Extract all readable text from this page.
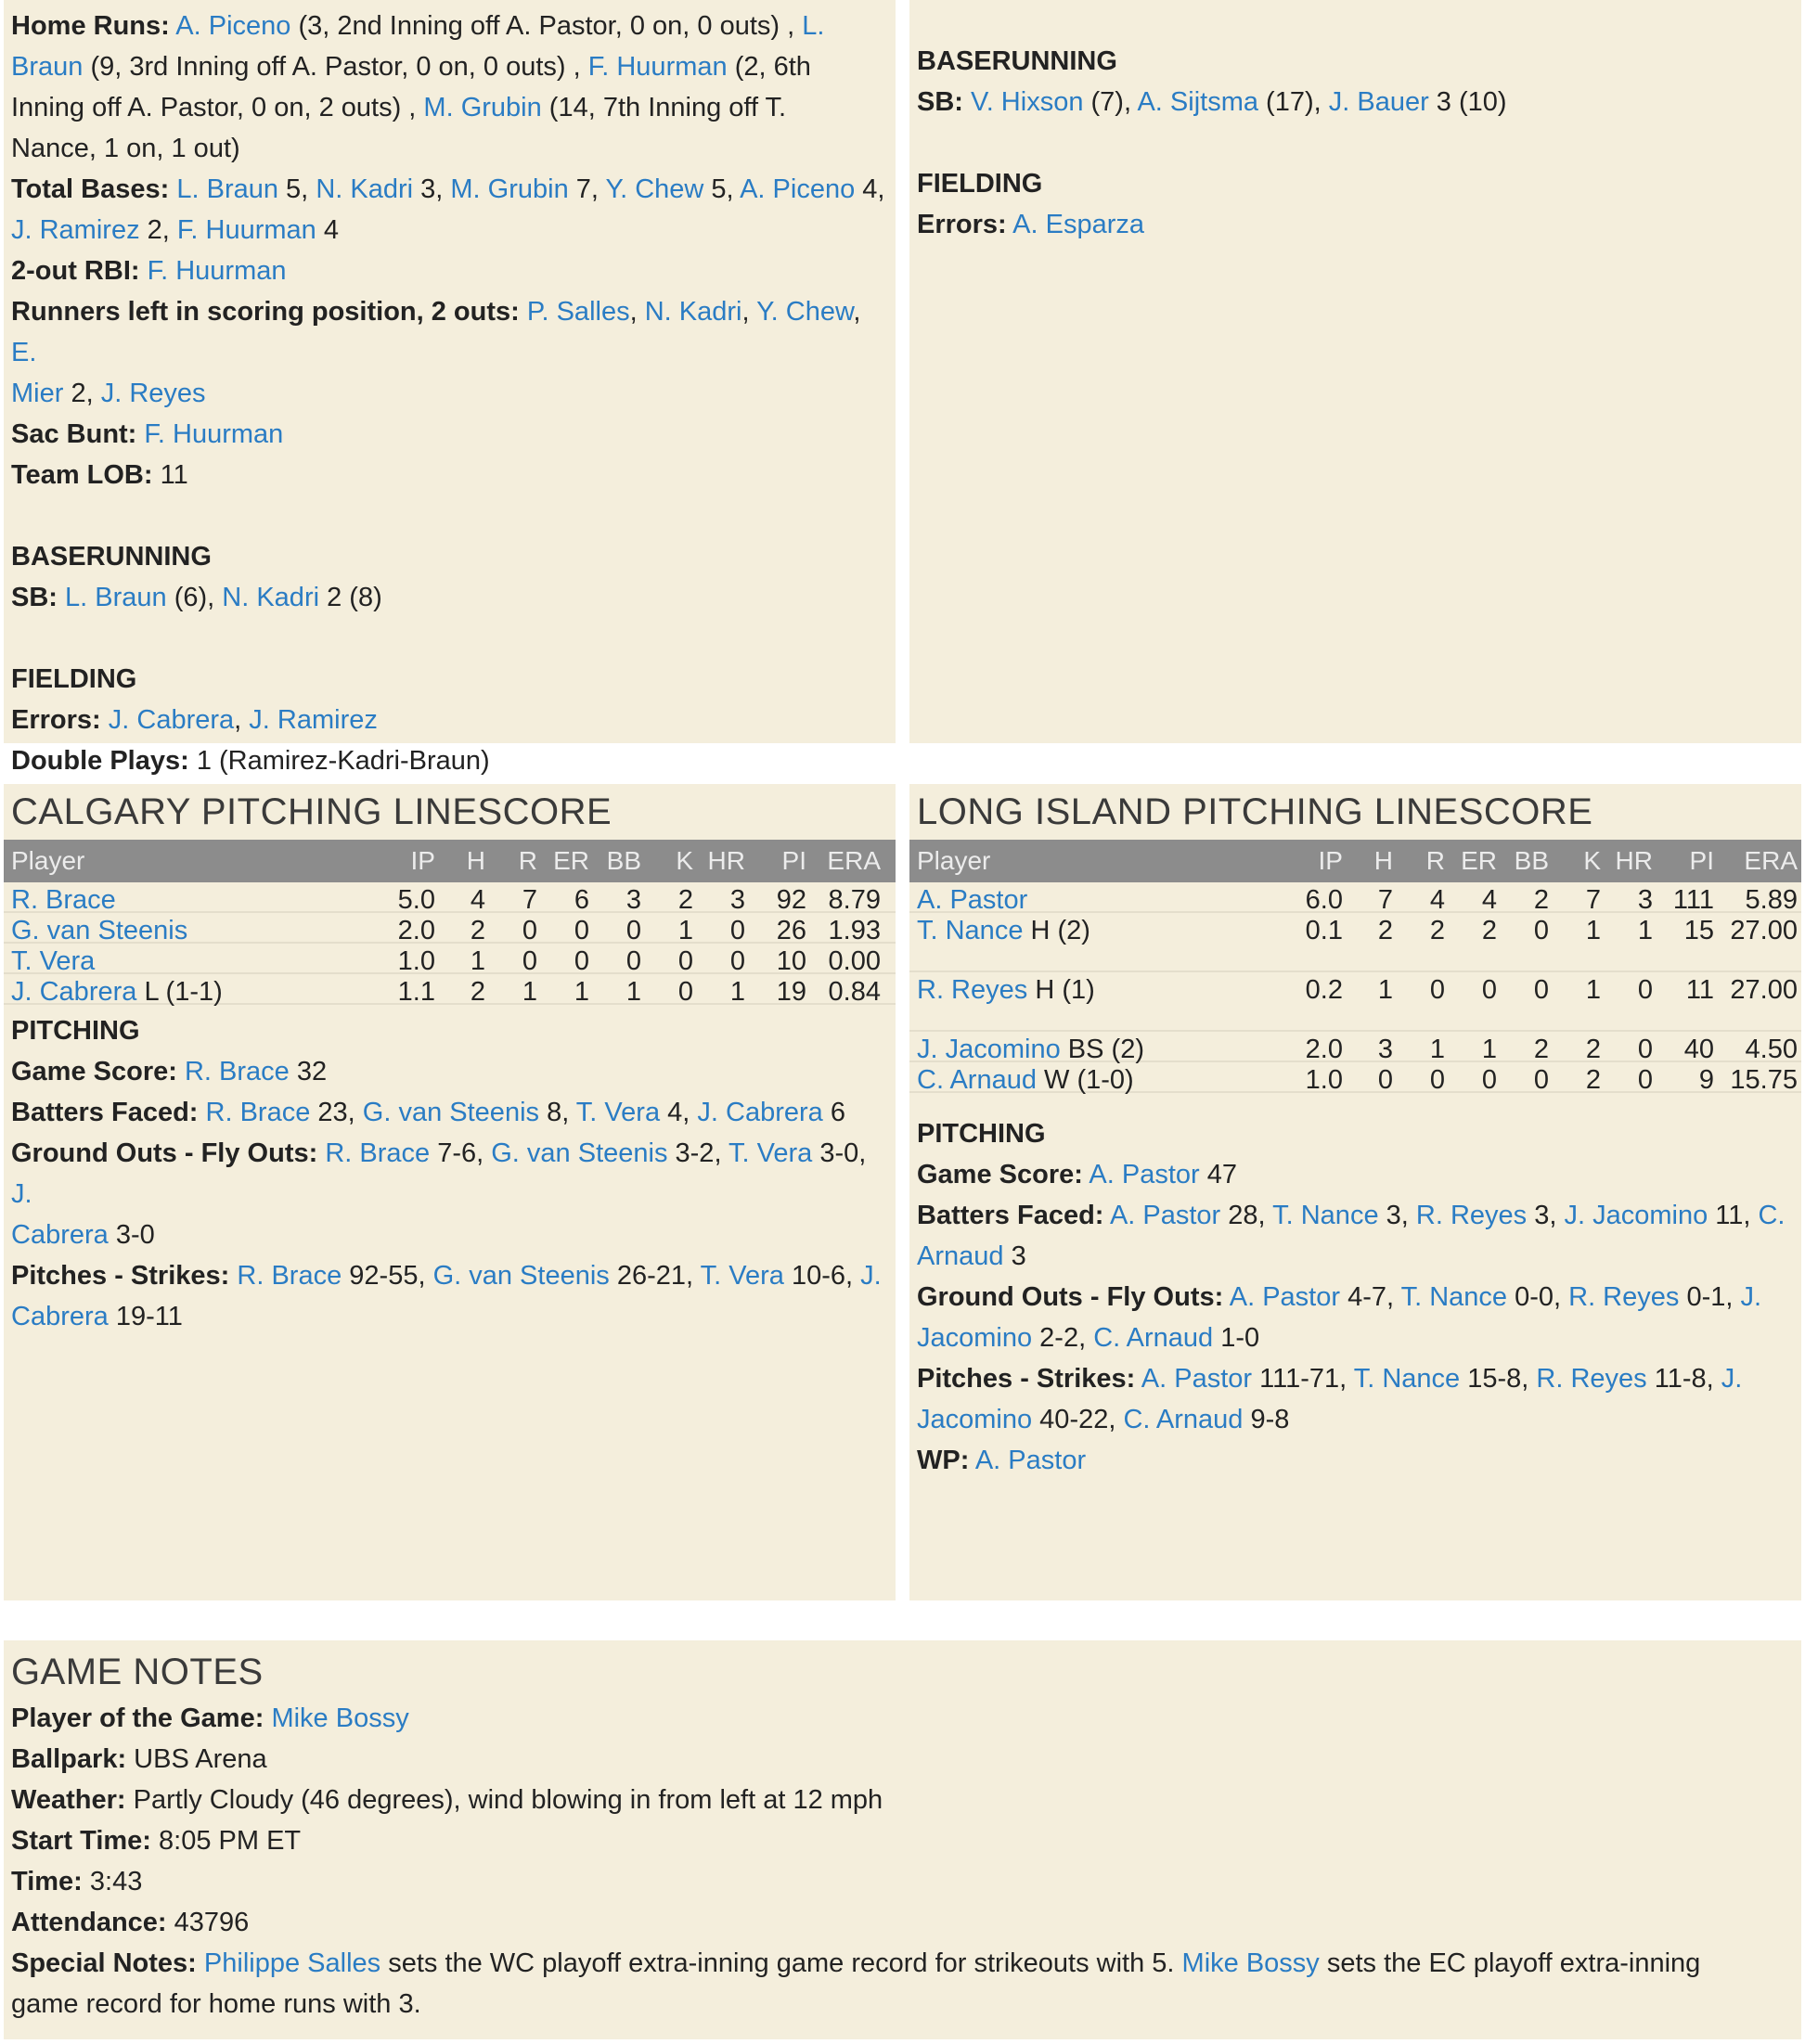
Home Runs: A. Piceno (3, 2nd Inning off A. Pastor, 0 on, 0 outs) , L.

Braun (9, 3rd Inning off A. Pastor, 0 on, 0 outs) , F. Huurman (2, 6th

Inning off A. Pastor, 0 on, 2 outs) , M. Grubin (14, 7th Inning off T.

Nance, 1 on, 1 out)

Total Bases: L. Braun 5, N. Kadri 3, M. Grubin 7, Y. Chew 5, A. Piceno 4,

J. Ramirez 2, F. Huurman 4

2-out RBI: F. Huurman

Runners left in scoring position, 2 outs: P. Salles, N. Kadri, Y. Chew, E.

Mier 2, J. Reyes

Sac Bunt: F. Huurman

Team LOB: 11

BASERUNNING

SB: L. Braun (6), N. Kadri 2 (8)

FIELDING

Errors: J. Cabrera, J. Ramirez

Double Plays: 1 (Ramirez-Kadri-Braun)

BASERUNNING

SB: V. Hixson (7), A. Sijtsma (17), J. Bauer 3 (10)

FIELDING

Errors: A. Esparza

CALGARY PITCHING LINESCORE

Player	IP	H	R ER BB	K HR	PI ERA
R. Brace	5.0	4	7	6	3	2	3	92 8.79
G. van Steenis	2.0	2	0	0	0	1	0	26 1.93
T. Vera	1.0	1	0	0	0	0	0	10 0.00
J. Cabrera L (1-1)	1.1	2	1	1	1	0	1	19 0.84

PITCHING

Game Score: R. Brace 32

Batters Faced: R. Brace 23, G. van Steenis 8, T. Vera 4, J. Cabrera 6

Ground Outs - Fly Outs: R. Brace 7-6, G. van Steenis 3-2, T. Vera 3-0, J.

Cabrera 3-0

Pitches - Strikes: R. Brace 92-55, G. van Steenis 26-21, T. Vera 10-6, J.

Cabrera 19-11

LONG ISLAND PITCHING LINESCORE

Player	IP	H	R ER BB	K HR	PI	ERA
A. Pastor	6.0	7	4	4	2	7	3 111	5.89
T. Nance H (2)	0.1	2	2	2	0	1	1	15 27.00
R. Reyes H (1)	0.2	1	0	0	0	1	0	11 27.00
J. Jacomino BS (2)	2.0	3	1	1	2	2	0	40	4.50
C. Arnaud W (1-0)	1.0	0	0	0	0	2	0	9 15.75

PITCHING

Game Score: A. Pastor 47

Batters Faced: A. Pastor 28, T. Nance 3, R. Reyes 3, J. Jacomino 11, C.

Arnaud 3

Ground Outs - Fly Outs: A. Pastor 4-7, T. Nance 0-0, R. Reyes 0-1, J.

Jacomino 2-2, C. Arnaud 1-0

Pitches - Strikes: A. Pastor 111-71, T. Nance 15-8, R. Reyes 11-8, J.

Jacomino 40-22, C. Arnaud 9-8

WP: A. Pastor

GAME NOTES

Player of the Game: Mike Bossy

Ballpark: UBS Arena

Weather: Partly Cloudy (46 degrees), wind blowing in from left at 12 mph

Start Time: 8:05 PM ET

Time: 3:43

Attendance: 43796

Special Notes: Philippe Salles sets the WC playoff extra-inning game record for strikeouts with 5. Mike Bossy sets the EC playoff extra-inning

game record for home runs with 3.
